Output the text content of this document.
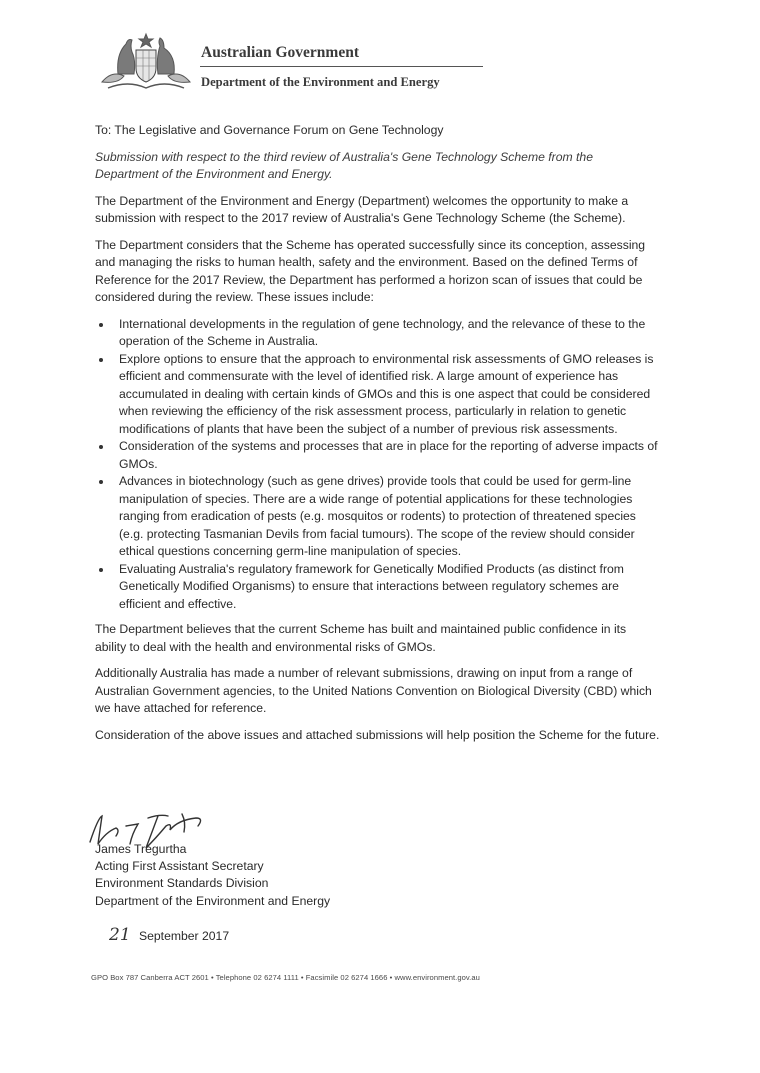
Australian Government
Department of the Environment and Energy

To: The Legislative and Governance Forum on Gene Technology

Submission with respect to the third review of Australia's Gene Technology Scheme from the Department of the Environment and Energy.

The Department of the Environment and Energy (Department) welcomes the opportunity to make a submission with respect to the 2017 review of Australia's Gene Technology Scheme (the Scheme).

The Department considers that the Scheme has operated successfully since its conception, assessing and managing the risks to human health, safety and the environment. Based on the defined Terms of Reference for the 2017 Review, the Department has performed a horizon scan of issues that could be considered during the review. These issues include:

International developments in the regulation of gene technology, and the relevance of these to the operation of the Scheme in Australia.
Explore options to ensure that the approach to environmental risk assessments of GMO releases is efficient and commensurate with the level of identified risk. A large amount of experience has accumulated in dealing with certain kinds of GMOs and this is one aspect that could be considered when reviewing the efficiency of the risk assessment process, particularly in relation to genetic modifications of plants that have been the subject of a number of previous risk assessments.
Consideration of the systems and processes that are in place for the reporting of adverse impacts of GMOs.
Advances in biotechnology (such as gene drives) provide tools that could be used for germ-line manipulation of species. There are a wide range of potential applications for these technologies ranging from eradication of pests (e.g. mosquitos or rodents) to protection of threatened species (e.g. protecting Tasmanian Devils from facial tumours). The scope of the review should consider ethical questions concerning germ-line manipulation of species.
Evaluating Australia's regulatory framework for Genetically Modified Products (as distinct from Genetically Modified Organisms) to ensure that interactions between regulatory schemes are efficient and effective.

The Department believes that the current Scheme has built and maintained public confidence in its ability to deal with the health and environmental risks of GMOs.

Additionally Australia has made a number of relevant submissions, drawing on input from a range of Australian Government agencies, to the United Nations Convention on Biological Diversity (CBD) which we have attached for reference.

Consideration of the above issues and attached submissions will help position the Scheme for the future.

James Tregurtha
Acting First Assistant Secretary
Environment Standards Division
Department of the Environment and Energy
21 September 2017
GPO Box 787 Canberra ACT 2601 • Telephone 02 6274 1111 • Facsimile 02 6274 1666 • www.environment.gov.au
